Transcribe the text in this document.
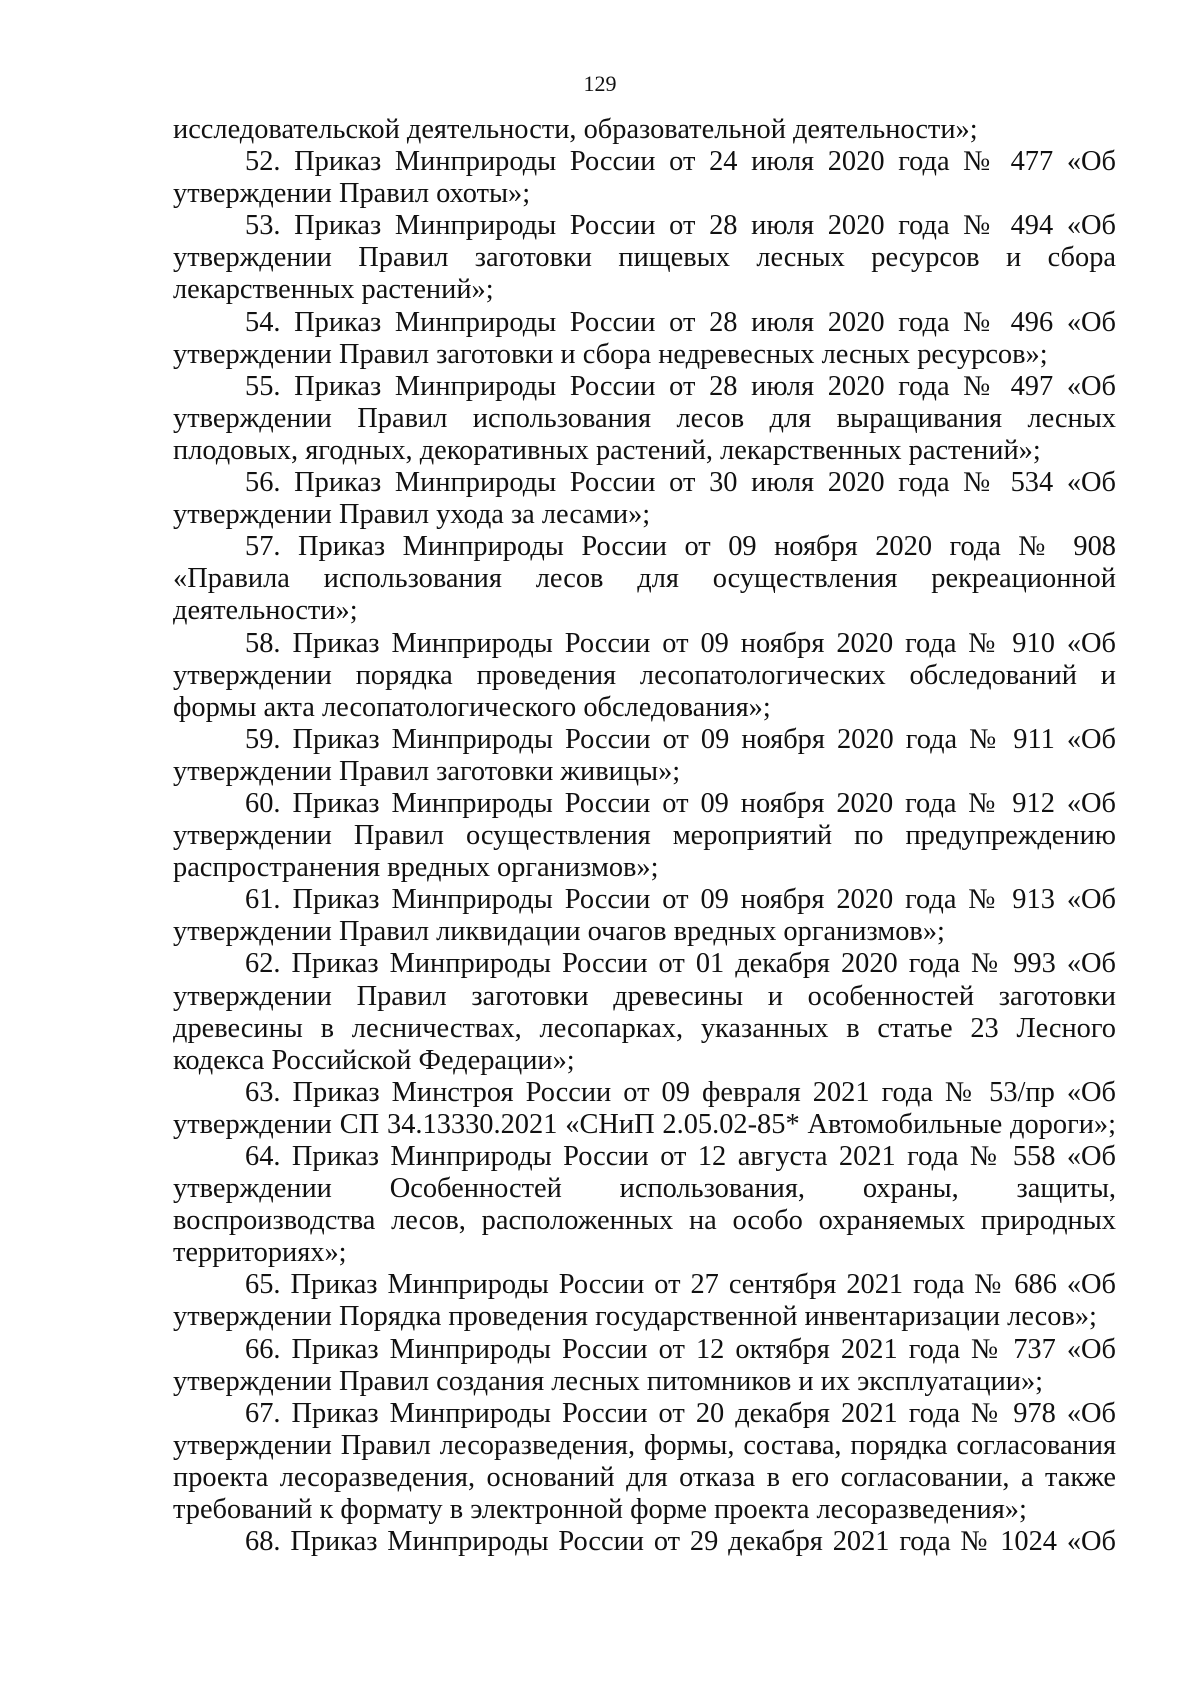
129
исследовательской деятельности, образовательной деятельности»;
52. Приказ Минприроды России от 24 июля 2020 года № 477 «Об
утверждении Правил охоты»;
53. Приказ Минприроды России от 28 июля 2020 года № 494 «Об
утверждении Правил заготовки пищевых лесных ресурсов и сбора
лекарственных растений»;
54. Приказ Минприроды России от 28 июля 2020 года № 496 «Об
утверждении Правил заготовки и сбора недревесных лесных ресурсов»;
55. Приказ Минприроды России от 28 июля 2020 года № 497 «Об
утверждении Правил использования лесов для выращивания лесных
плодовых, ягодных, декоративных растений, лекарственных растений»;
56. Приказ Минприроды России от 30 июля 2020 года № 534 «Об
утверждении Правил ухода за лесами»;
57. Приказ Минприроды России от 09 ноября 2020 года № 908
«Правила использования лесов для осуществления рекреационной
деятельности»;
58. Приказ Минприроды России от 09 ноября 2020 года № 910 «Об
утверждении порядка проведения лесопатологических обследований и
формы акта лесопатологического обследования»;
59. Приказ Минприроды России от 09 ноября 2020 года № 911 «Об
утверждении Правил заготовки живицы»;
60. Приказ Минприроды России от 09 ноября 2020 года № 912 «Об
утверждении Правил осуществления мероприятий по предупреждению
распространения вредных организмов»;
61. Приказ Минприроды России от 09 ноября 2020 года № 913 «Об
утверждении Правил ликвидации очагов вредных организмов»;
62. Приказ Минприроды России от 01 декабря 2020 года № 993 «Об
утверждении Правил заготовки древесины и особенностей заготовки
древесины в лесничествах, лесопарках, указанных в статье 23 Лесного
кодекса Российской Федерации»;
63. Приказ Минстроя России от 09 февраля 2021 года № 53/пр «Об
утверждении СП 34.13330.2021 «СНиП 2.05.02-85* Автомобильные дороги»;
64. Приказ Минприроды России от 12 августа 2021 года № 558 «Об
утверждении Особенностей использования, охраны, защиты,
воспроизводства лесов, расположенных на особо охраняемых природных
территориях»;
65. Приказ Минприроды России от 27 сентября 2021 года № 686 «Об
утверждении Порядка проведения государственной инвентаризации лесов»;
66. Приказ Минприроды России от 12 октября 2021 года № 737 «Об
утверждении Правил создания лесных питомников и их эксплуатации»;
67. Приказ Минприроды России от 20 декабря 2021 года № 978 «Об
утверждении Правил лесоразведения, формы, состава, порядка согласования
проекта лесоразведения, оснований для отказа в его согласовании, а также
требований к формату в электронной форме проекта лесоразведения»;
68. Приказ Минприроды России от 29 декабря 2021 года № 1024 «Об
